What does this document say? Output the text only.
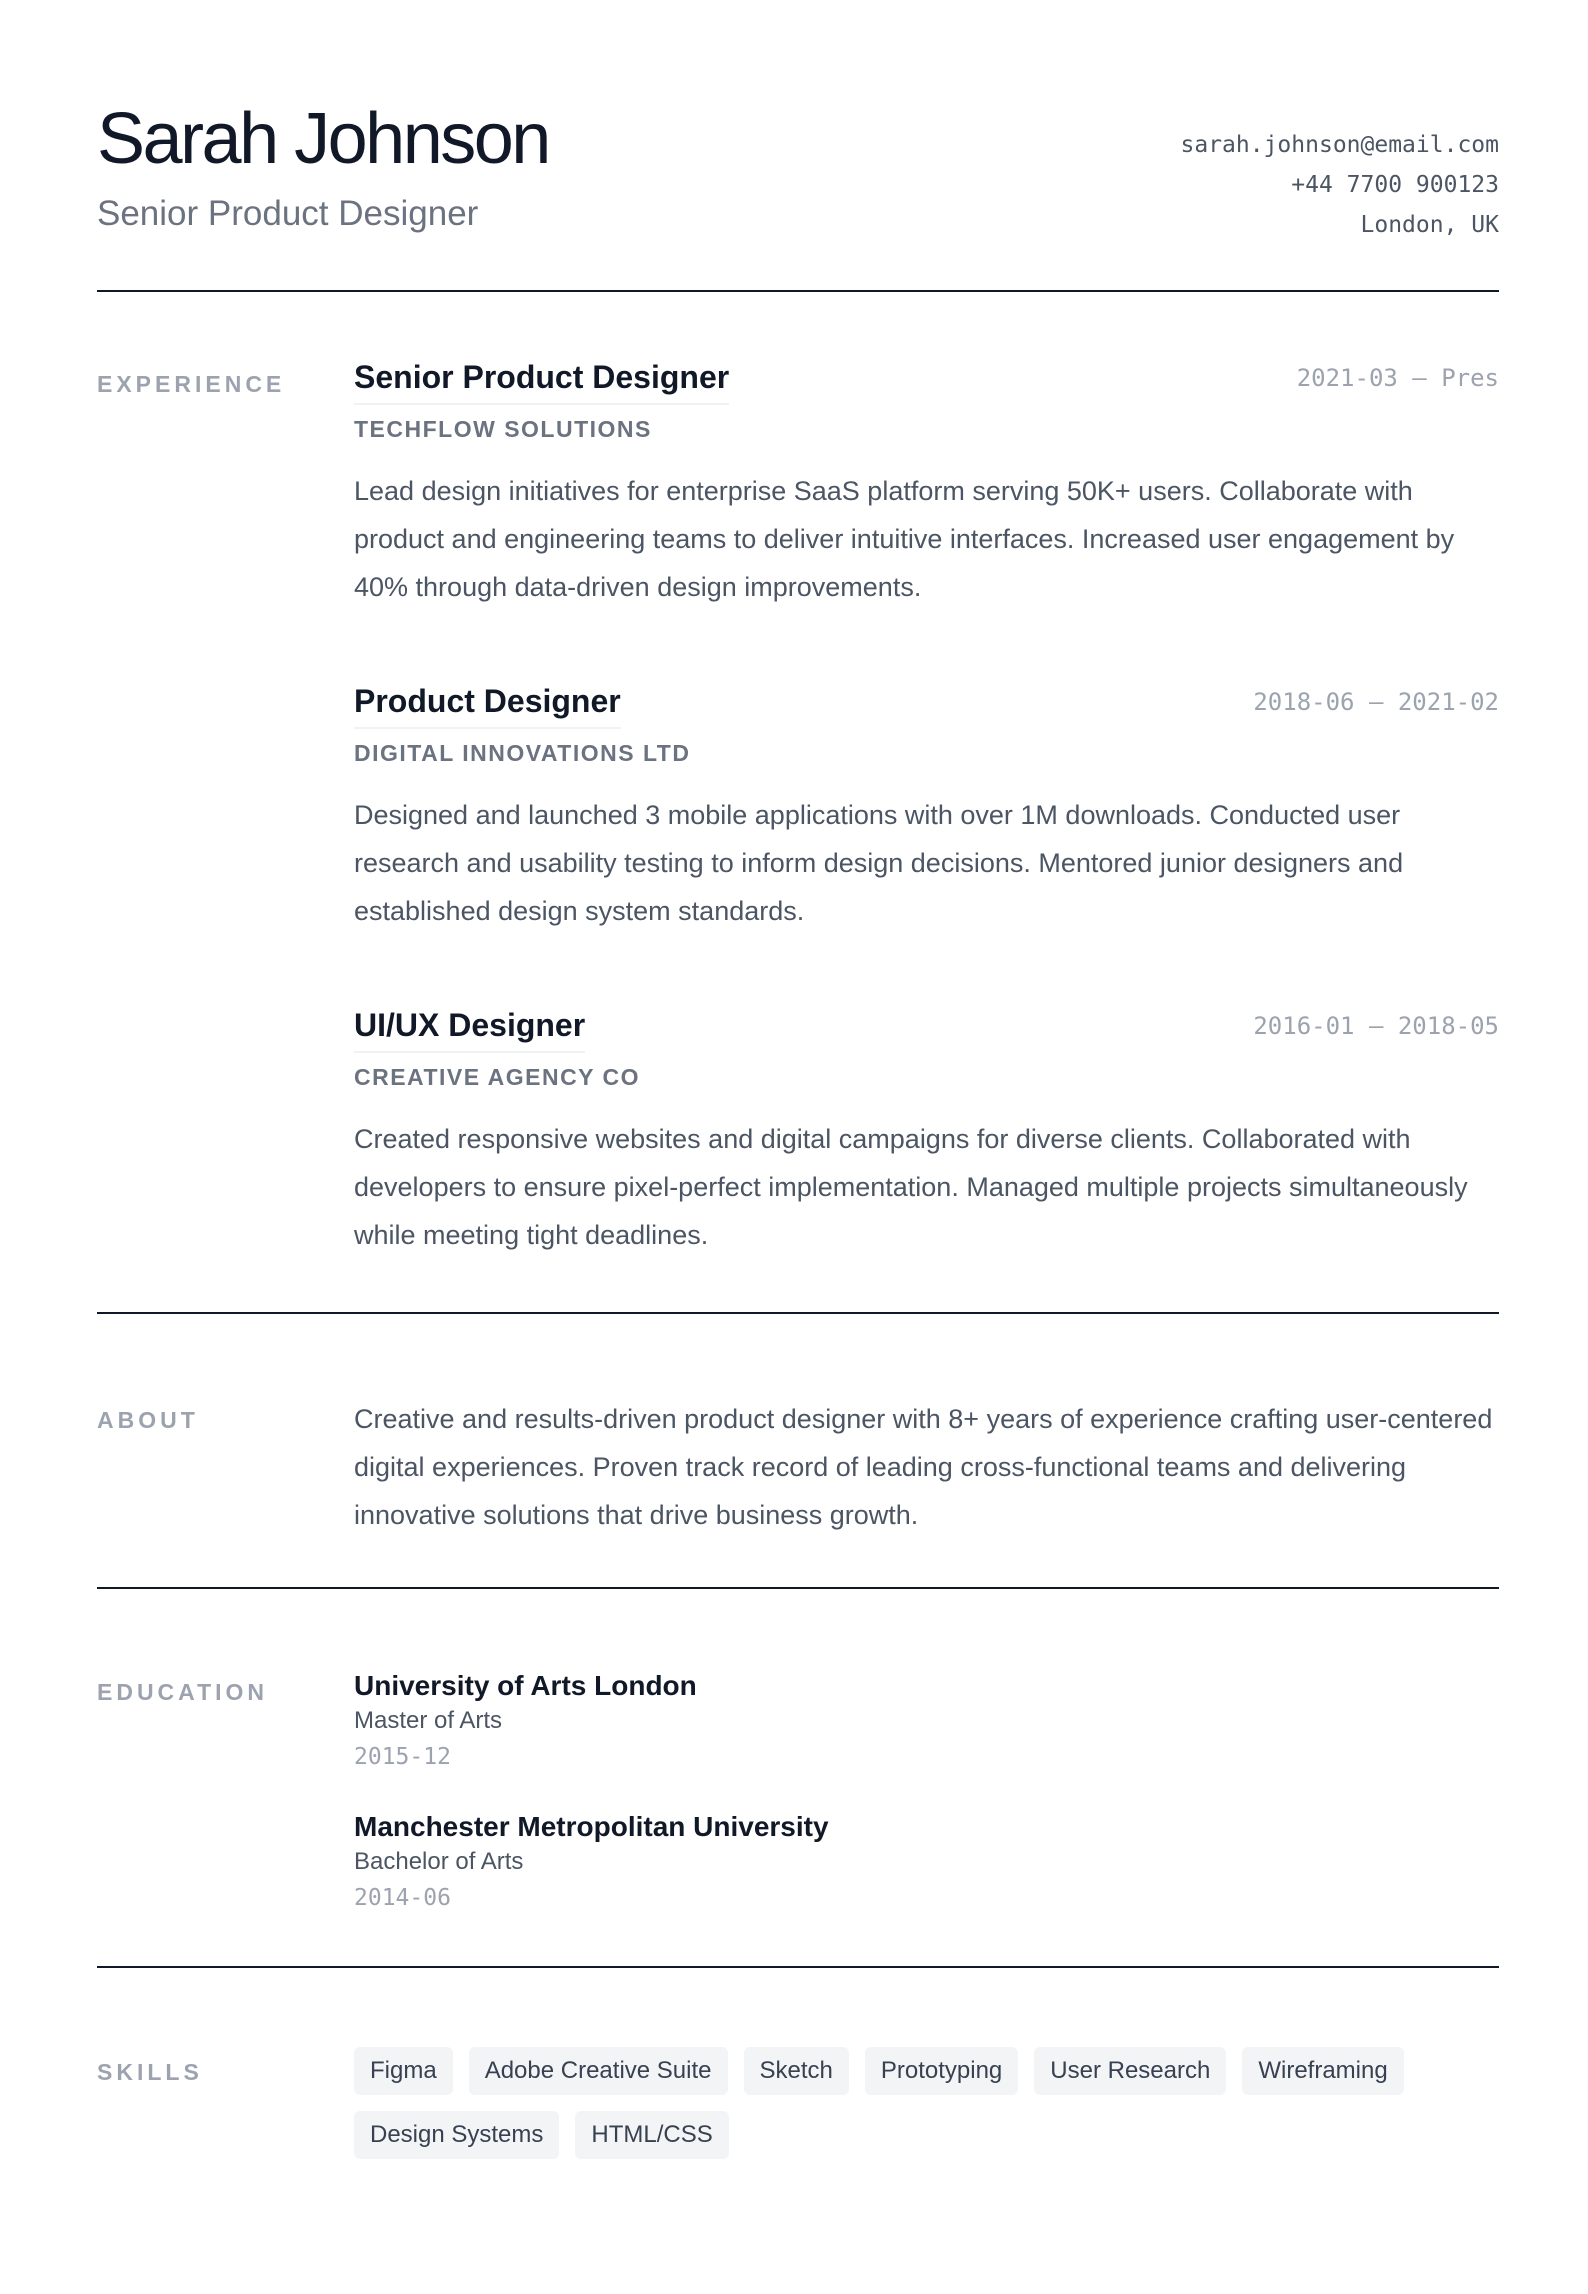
Sarah Johnson
Senior Product Designer
sarah.johnson@email.com
+44 7700 900123
London, UK
EXPERIENCE Senior Product Designer	2021-03 – Pres
TECHFLOW SOLUTIONS
Lead design initiatives for enterprise SaaS platform serving 50K+ users. Collaborate with product and engineering teams to deliver intuitive interfaces. Increased user engagement by 40% through data-driven design improvements.
Product Designer	2018-06 – 2021-02
DIGITAL INNOVATIONS LTD
Designed and launched 3 mobile applications with over 1M downloads. Conducted user research and usability testing to inform design decisions. Mentored junior designers and established design system standards.
UI/UX Designer	2016-01 – 2018-05
CREATIVE AGENCY CO
Created responsive websites and digital campaigns for diverse clients. Collaborated with developers to ensure pixel-perfect implementation. Managed multiple projects simultaneously while meeting tight deadlines.
ABOUT	Creative and results-driven product designer with 8+ years of experience crafting user-centered digital experiences. Proven track record of leading cross-functional teams and delivering innovative solutions that drive business growth.
EDUCATION	University of Arts London
Master of Arts
2015-12
Manchester Metropolitan University
Bachelor of Arts
2014-06
SKILLS	Figma	Adobe Creative Suite	Sketch	Prototyping	User Research	Wireframing
Design Systems	HTML/CSS
